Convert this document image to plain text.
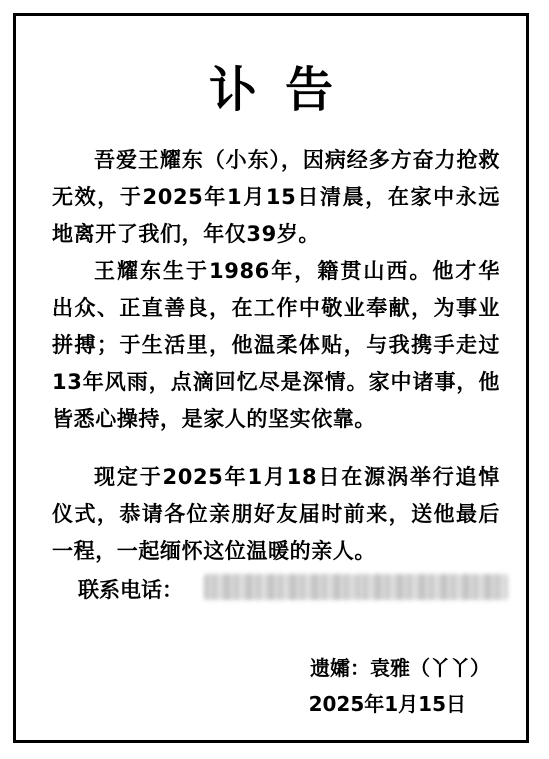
讣告
吾爱王耀东（小东），因病经多方奋力抢救无效，于2025年1月15日清晨，在家中永远地离开了我们，年仅39岁。
王耀东生于1986年，籍贯山西。他才华出众、正直善良，在工作中敬业奉献，为事业拼搏；于生活里，他温柔体贴，与我携手走过13年风雨，点滴回忆尽是深情。家中诸事，他皆悉心操持，是家人的坚实依靠。
现定于2025年1月18日在源涡举行追悼仪式，恭请各位亲朋好友届时前来，送他最后一程，一起缅怀这位温暖的亲人。
联系电话：
遗孀：袁雅（丫丫）
2025年1月15日
